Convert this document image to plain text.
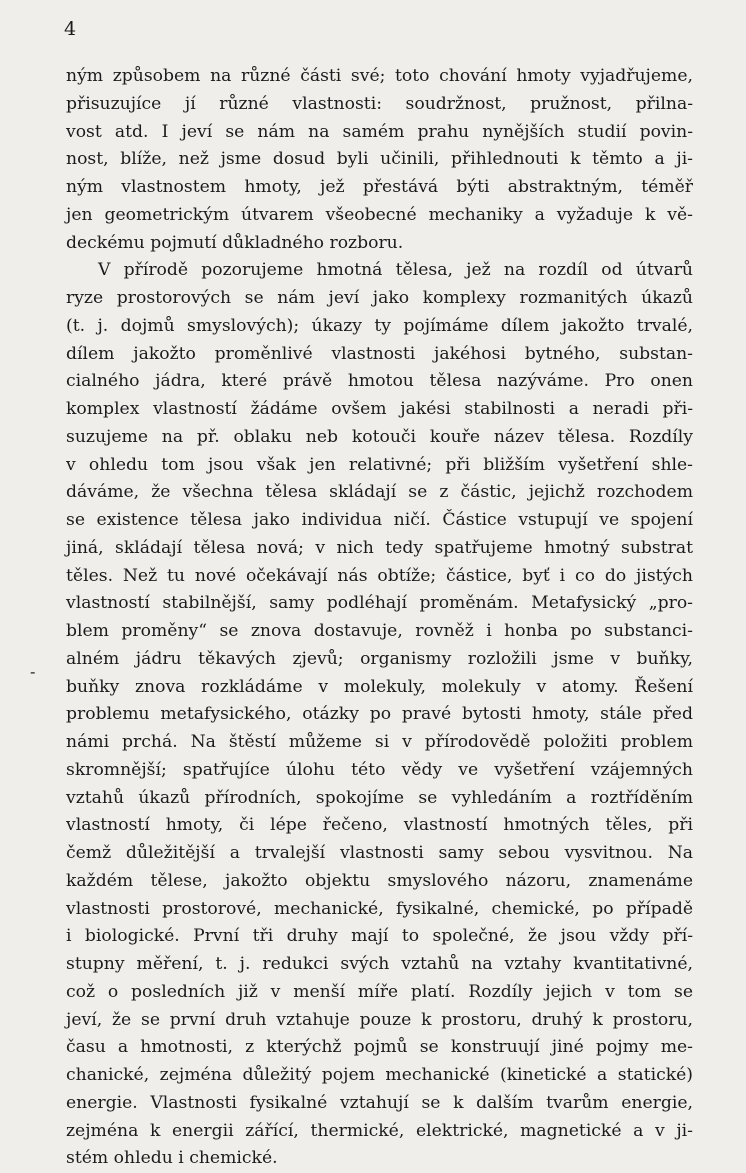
4
-
ným způsobem na různé části své; toto chování hmoty vyjadřujeme,
přisuzujíce jí různé vlastnosti: soudržnost, pružnost, přilna-
vost atd. I jeví se nám na samém prahu nynějších studií povin-
nost, blíže, než jsme dosud byli učinili, přihlednouti k těmto a ji-
ným vlastnostem hmoty, jež přestává býti abstraktným, téměř
jen geometrickým útvarem všeobecné mechaniky a vyžaduje k vě-
deckému pojmutí důkladného rozboru.
V přírodě pozorujeme hmotná tělesa, jež na rozdíl od útvarů
ryze prostorových se nám jeví jako komplexy rozmanitých úkazů
(t. j. dojmů smyslových); úkazy ty pojímáme dílem jakožto trvalé,
dílem jakožto proměnlivé vlastnosti jakéhosi bytného, substan-
cialného jádra, které právě hmotou tělesa nazýváme. Pro onen
komplex vlastností žádáme ovšem jakési stabilnosti a neradi při-
suzujeme na př. oblaku neb kotouči kouře název tělesa. Rozdíly
v ohledu tom jsou však jen relativné; při bližším vyšetření shle-
dáváme, že všechna tělesa skládají se z částic, jejichž rozchodem
se existence tělesa jako individua ničí. Částice vstupují ve spojení
jiná, skládají tělesa nová; v nich tedy spatřujeme hmotný substrat
těles. Než tu nové očekávají nás obtíže; částice, byť i co do jistých
vlastností stabilnější, samy podléhají proměnám. Metafysický „pro-
blem proměny“ se znova dostavuje, rovněž i honba po substanci-
alném jádru těkavých zjevů; organismy rozložili jsme v buňky,
buňky znova rozkládáme v molekuly, molekuly v atomy. Řešení
problemu metafysického, otázky po pravé bytosti hmoty, stále před
námi prchá. Na štěstí můžeme si v přírodovědě položiti problem
skromnější; spatřujíce úlohu této vědy ve vyšetření vzájemných
vztahů úkazů přírodních, spokojíme se vyhledáním a roztříděním
vlastností hmoty, či lépe řečeno, vlastností hmotných těles, při
čemž důležitější a trvalejší vlastnosti samy sebou vysvitnou. Na
každém tělese, jakožto objektu smyslového názoru, znamenáme
vlastnosti prostorové, mechanické, fysikalné, chemické, po případě
i biologické. První tři druhy mají to společné, že jsou vždy pří-
stupny měření, t. j. redukci svých vztahů na vztahy kvantitativné,
což o posledních již v menší míře platí. Rozdíly jejich v tom se
jeví, že se první druh vztahuje pouze k prostoru, druhý k prostoru,
času a hmotnosti, z kterýchž pojmů se konstruují jiné pojmy me-
chanické, zejména důležitý pojem mechanické (kinetické a statické)
energie. Vlastnosti fysikalné vztahují se k dalším tvarům energie,
zejména k energii zářící, thermické, elektrické, magnetické a v ji-
stém ohledu i chemické.
